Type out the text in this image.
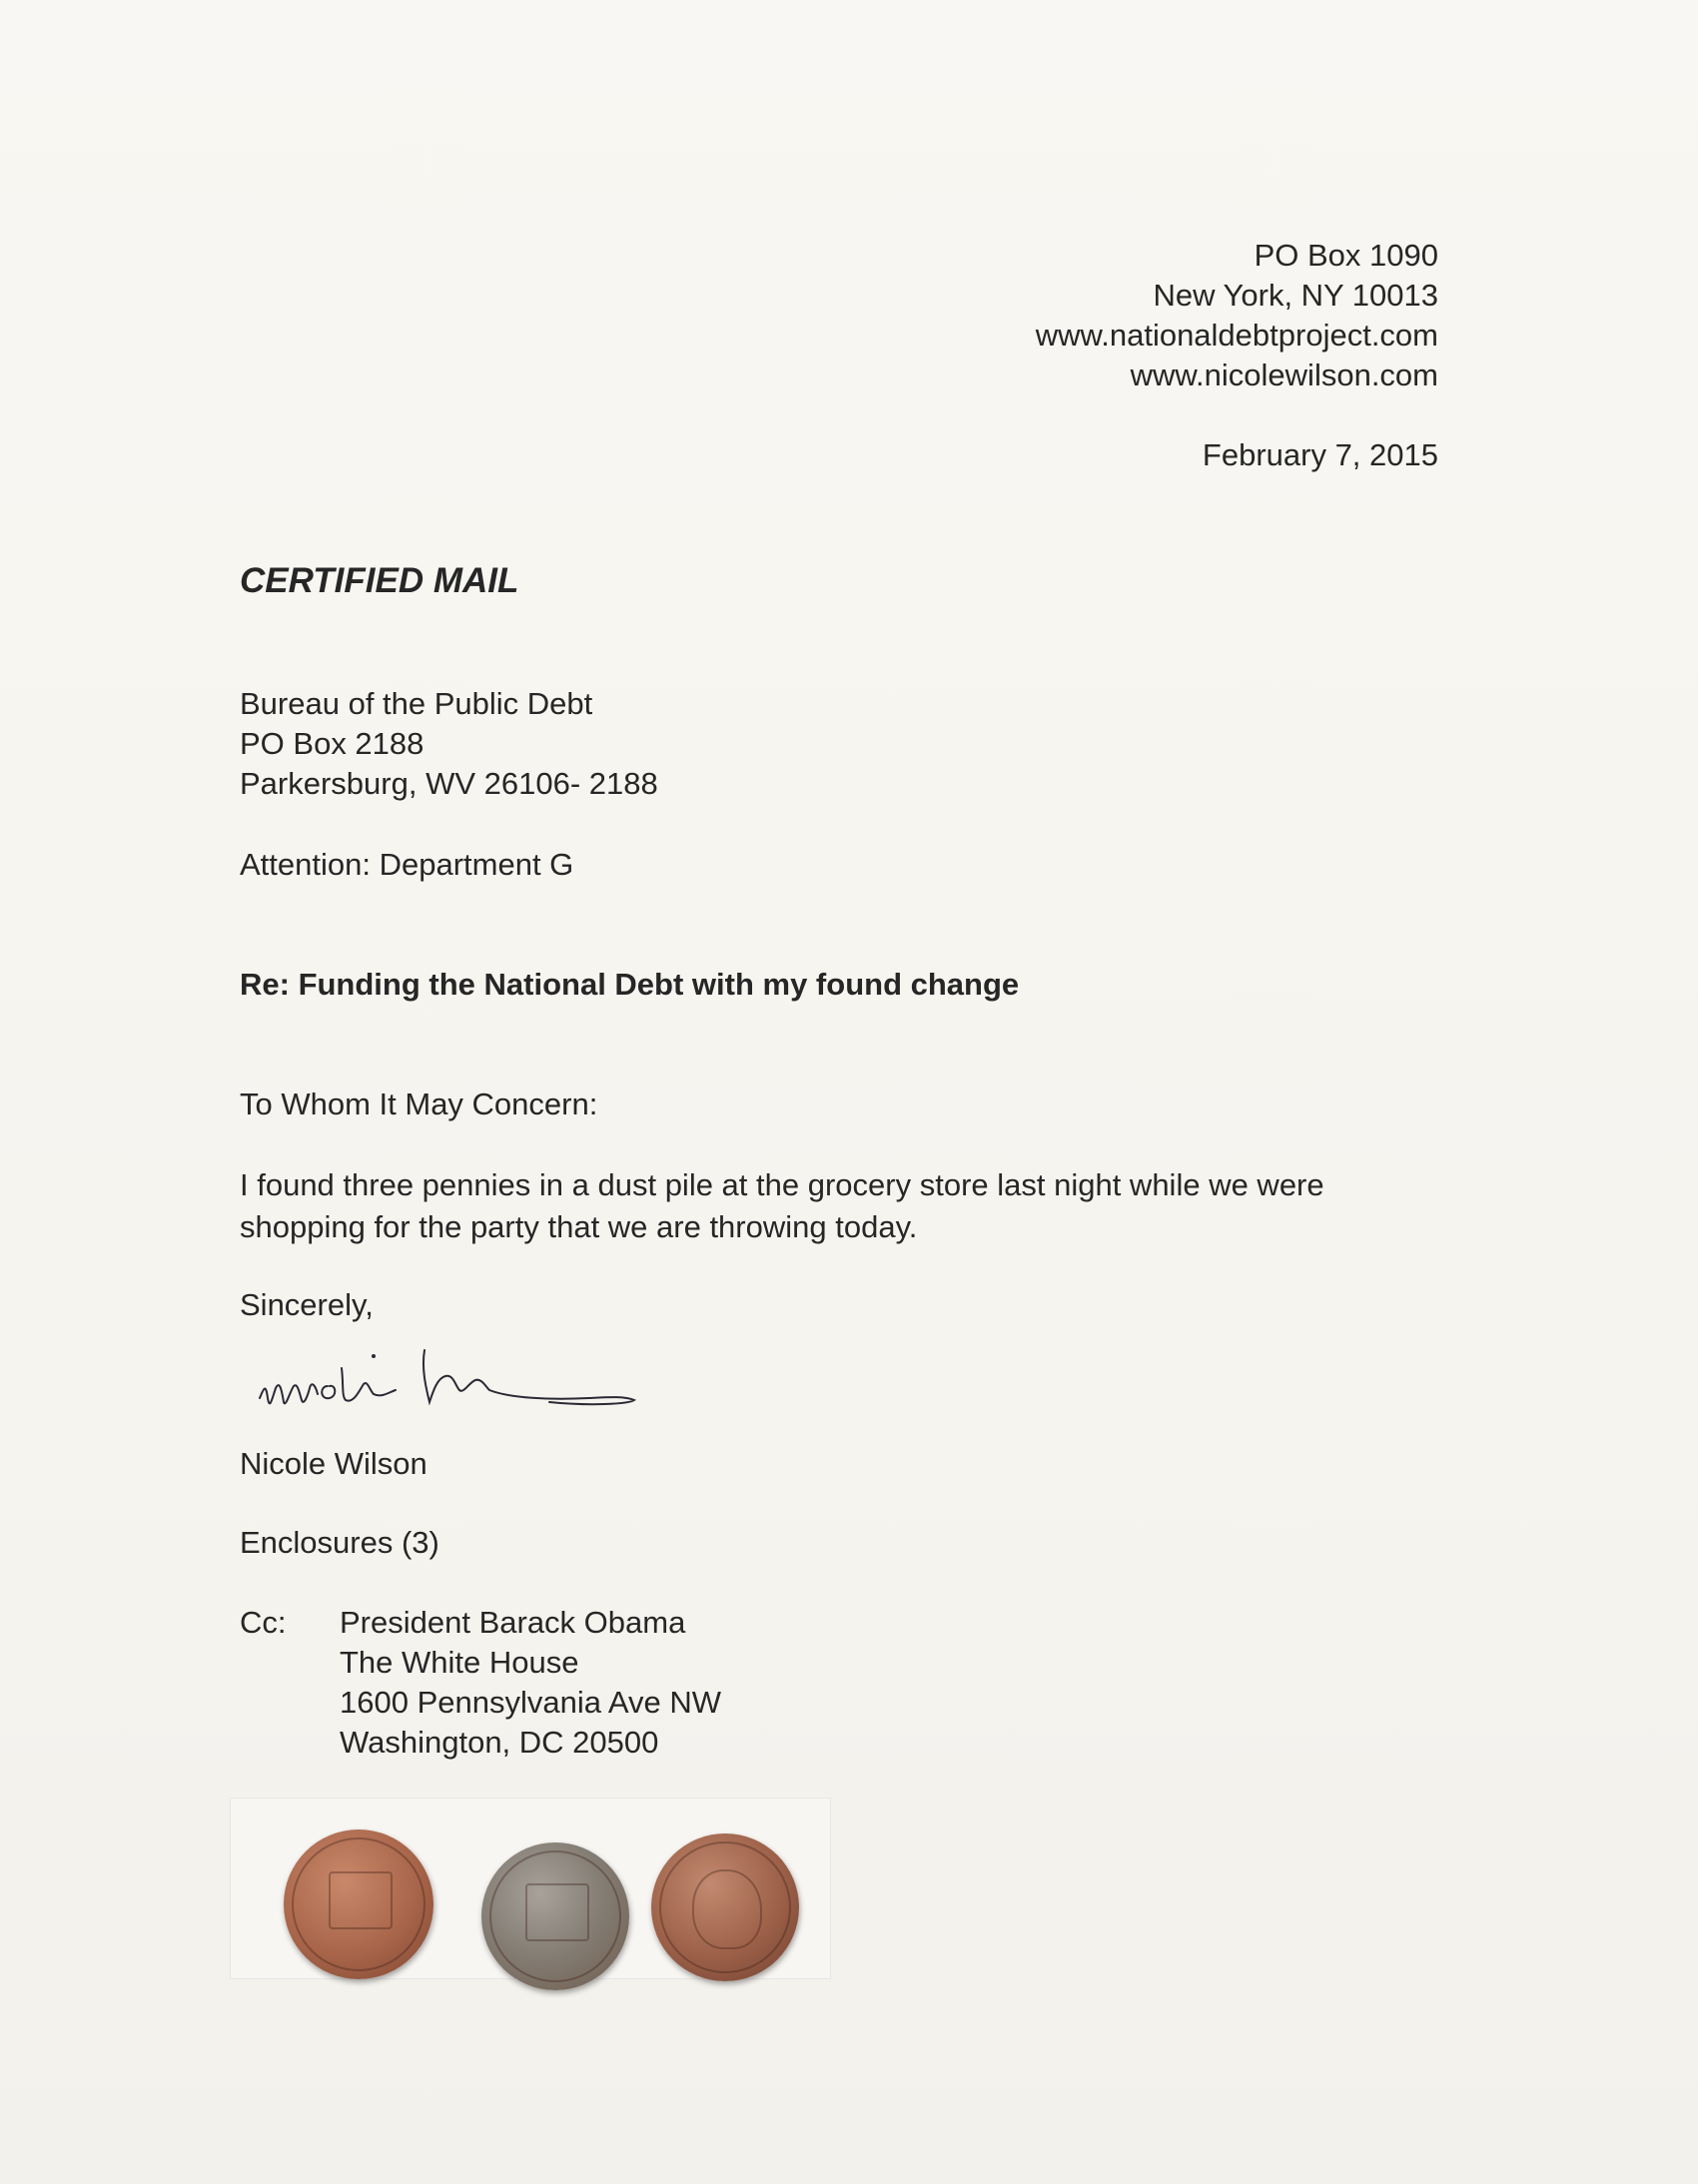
PO Box 1090
New York, NY 10013
www.nationaldebtproject.com
www.nicolewilson.com
February 7, 2015
CERTIFIED MAIL
Bureau of the Public Debt
PO Box 2188
Parkersburg, WV 26106- 2188
Attention: Department G
Re: Funding the National Debt with my found change
To Whom It May Concern:
I found three pennies in a dust pile at the grocery store last night while we were shopping for the party that we are throwing today.
Sincerely,
Nicole Wilson
Enclosures (3)
Cc: President Barack Obama
The White House
1600 Pennsylvania Ave NW
Washington, DC 20500
